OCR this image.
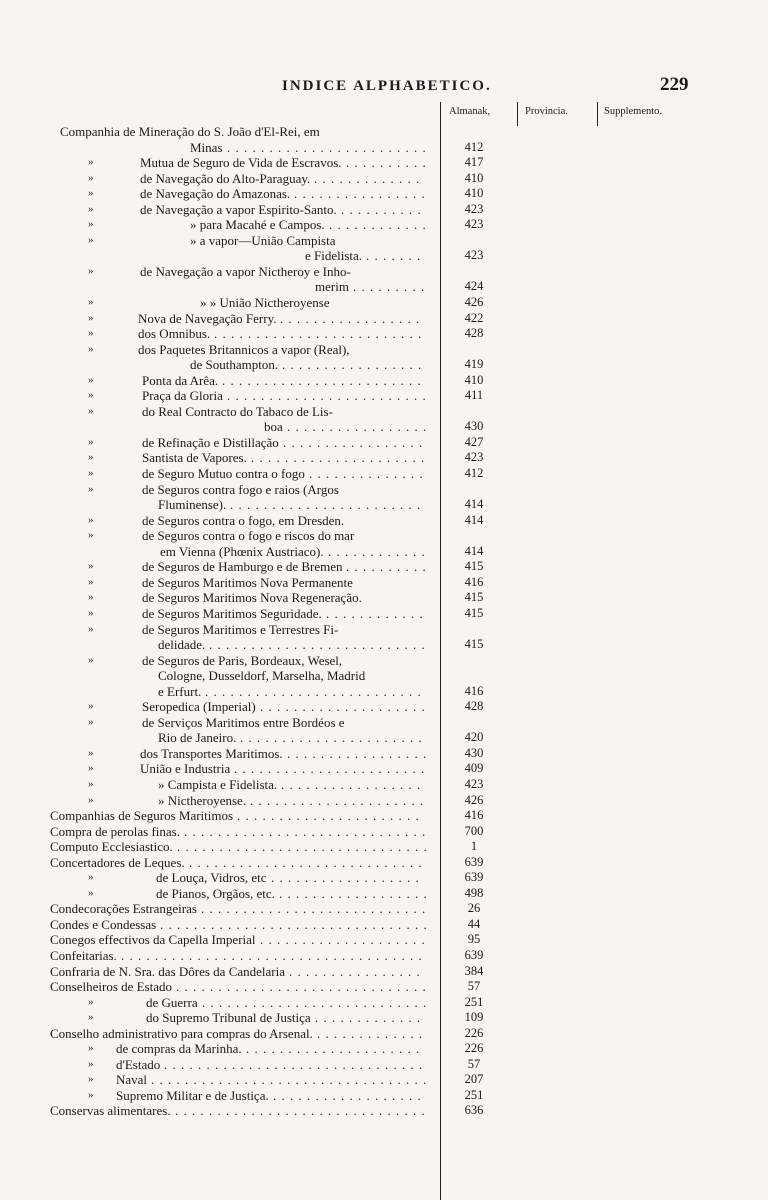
INDICE ALPHABETICO.	229
Almanak,	Provincia.	Supplemento.
Companhia de Mineração do S. João d'El-Rei, em
Minas . . . . . . . . . . . . . . . . . . . . . . . .	412
»	Mutua de Seguro de Vida de Escravos. . . . . . . . . . .	417
»	de Navegação do Alto-Paraguay. . . . . . . . . . . . . .	410
»	de Navegação do Amazonas. . . . . . . . . . . . . . . . .	410
»	de Navegação a vapor Espirito-Santo. . . . . . . . . . .	423
»	» para Macahé e Campos. . . . . . . . . . . . .	423
»	» a vapor—União Campista
e Fidelista. . . . . . . .	423
»	de Navegação a vapor Nictheroy e Inho-
merim . . . . . . . . .	424
»	» » União Nictheroyense	426
»	Nova de Navegação Ferry. . . . . . . . . . . . . . . . . .	422
»	dos Omnibus. . . . . . . . . . . . . . . . . . . . . . . . . .	428
»	dos Paquetes Britannicos a vapor (Real),
de Southampton. . . . . . . . . . . . . . . . . .	419
»	Ponta da Arêa. . . . . . . . . . . . . . . . . . . . . . . . .	410
»	Praça da Gloria . . . . . . . . . . . . . . . . . . . . . . . .	411
»	do Real Contracto do Tabaco de Lis-
boa . . . . . . . . . . . . . . . . .	430
»	de Refinação e Distillação . . . . . . . . . . . . . . . . .	427
»	Santista de Vapores. . . . . . . . . . . . . . . . . . . . . .	423
»	de Seguro Mutuo contra o fogo . . . . . . . . . . . . . .	412
»	de Seguros contra fogo e raios (Argos
Fluminense). . . . . . . . . . . . . . . . . . . . . . . .	414
»	de Seguros contra o fogo, em Dresden.	414
»	de Seguros contra o fogo e riscos do mar
em Vienna (Phœnix Austriaco). . . . . . . . . . . . .	414
»	de Seguros de Hamburgo e de Bremen . . . . . . . . . .	415
»	de Seguros Maritimos Nova Permanente	416
»	de Seguros Maritimos Nova Regeneração.	415
»	de Seguros Maritimos Seguridade. . . . . . . . . . . . .	415
»	de Seguros Maritimos e Terrestres Fi-
delidade. . . . . . . . . . . . . . . . . . . . . . . . . . .	415
»	de Seguros de Paris, Bordeaux, Wesel,
Cologne, Dusseldorf, Marselha, Madrid
e Erfurt. . . . . . . . . . . . . . . . . . . . . . . . . . .	416
»	Seropedica (Imperial) . . . . . . . . . . . . . . . . . . . .	428
»	de Serviços Maritimos entre Bordéos e
Rio de Janeiro. . . . . . . . . . . . . . . . . . . . . . .	420
»	dos Transportes Maritimos. . . . . . . . . . . . . . . . . .	430
»	União e Industria . . . . . . . . . . . . . . . . . . . . . . .	409
»	» Campista e Fidelista. . . . . . . . . . . . . . . . . .	423
»	» Nictheroyense. . . . . . . . . . . . . . . . . . . . . .	426
Companhias de Seguros Maritimos . . . . . . . . . . . . . . . . . . . . . .	416
Compra de perolas finas. . . . . . . . . . . . . . . . . . . . . . . . . . . . . .	700
Computo Ecclesiastico. . . . . . . . . . . . . . . . . . . . . . . . . . . . . . .	1
Concertadores de Leques. . . . . . . . . . . . . . . . . . . . . . . . . . . . .	639
»	de Louça, Vidros, etc . . . . . . . . . . . . . . . . . .	639
»	de Pianos, Orgãos, etc. . . . . . . . . . . . . . . . . . .	498
Condecorações Estrangeiras . . . . . . . . . . . . . . . . . . . . . . . . . . .	26
Condes e Condessas . . . . . . . . . . . . . . . . . . . . . . . . . . . . . . . .	44
Conegos effectivos da Capella Imperial . . . . . . . . . . . . . . . . . . . .	95
Confeitarias. . . . . . . . . . . . . . . . . . . . . . . . . . . . . . . . . . . . .	639
Confraria de N. Sra. das Dôres da Candelaria . . . . . . . . . . . . . . . .	384
Conselheiros de Estado . . . . . . . . . . . . . . . . . . . . . . . . . . . . . .	57
»	de Guerra . . . . . . . . . . . . . . . . . . . . . . . . . . .	251
»	do Supremo Tribunal de Justiça . . . . . . . . . . . . .	109
Conselho administrativo para compras do Arsenal. . . . . . . . . . . . . .	226
» de compras da Marinha. . . . . . . . . . . . . . . . . . . . . .	226
» d'Estado . . . . . . . . . . . . . . . . . . . . . . . . . . . . . . .	57
» Naval . . . . . . . . . . . . . . . . . . . . . . . . . . . . . . . . .	207
» Supremo Militar e de Justiça. . . . . . . . . . . . . . . . . . .	251
Conservas alimentares. . . . . . . . . . . . . . . . . . . . . . . . . . . . . . .	636
